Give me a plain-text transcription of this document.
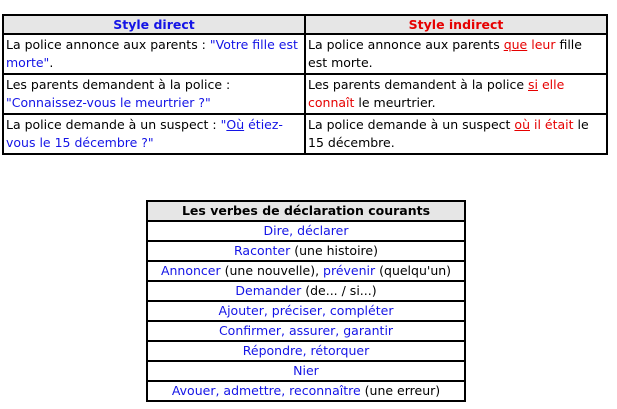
Style direct	Style indirect
La police annonce aux parents : "Votre fille est morte".	La police annonce aux parents que leur fille est morte.
Les parents demandent à la police : "Connaissez-vous le meurtrier ?"	Les parents demandent à la police si elle connaît le meurtrier.
La police demande à un suspect : "Où étiez-vous le 15 décembre ?"	La police demande à un suspect où il était le 15 décembre.
Les verbes de déclaration courants
Dire, déclarer
Raconter (une histoire)
Annoncer (une nouvelle), prévenir (quelqu'un)
Demander (de... / si...)
Ajouter, préciser, compléter
Confirmer, assurer, garantir
Répondre, rétorquer
Nier
Avouer, admettre, reconnaître (une erreur)
